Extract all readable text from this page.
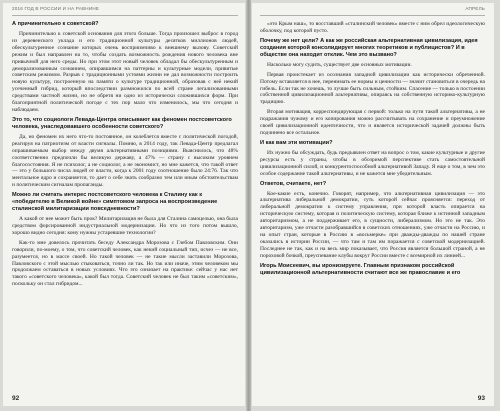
2016 ГОД В РОССИИ И НА РАВНИНЕ
А причинительно к советской?
Причинительно к советской основания для этого больше. Тогда произошел выброс в город из деревенского уклада и его традиционной культуры десятков миллионов людей, обескультуренное сознание которых очень восприимчиво к внешнему вызову. Советский режим и был направлен на то, чтобы создать возможность рождения нового человека вне привычной для него среды. Но при этом этот новый человек обладал бы обескультуренным и деморализованным сознанием, опиравшимся на паттерны и культурные модели, привитые советским режимом. Разрыв с традиционными устоями жизни не дал возможности построить новую культуру, построенную на памяти о культуре традиционной, образовав с неё некий усеченный гибрид, который впоследствии размножился по всей стране легализованными средствами частной жизни, но не обретя ни одно из исторически сложившихся форм. При благоприятной политической погоде с тех пор мало что изменилось, мы что сегодня и наблюдаем.
Это то, что социологи Левада-Центра описывают как феномен постсоветского человека, унаследовавшего особенности советского?
Да, но феномен их него что-то постоянное, он колеблется вместе с политической погодой, реагируя на патриотизм от власти сигналы. Помню, в 2014 году, так Левада-Центр предлагал опрашиваемым выбор между двумя альтернативными позициями. Выяснилось, что 48% соответственно предпочли бы великую державу, а 47% — страну с высоким уровнем благосостояния. Я не психолог, а не социолог, а не экономист, но мне кажется, что такой ответ — это у большого числа людей от власти, когда к 2001 году соотношение было 24:76. Так что ментальное ядро и сохраняется, то дает о себе знать сообразно тем или иным обстоятельствам и политическим сигналам пропаганды.
Можно ли считать интерес постсоветского человека к Сталину как к «победителю в Великой войне» симптомом запроса на воспроизведение сталинской милитаризации повседневности?
А какой от нее может быть прок? Милитаризация не была для Сталина самоцелью, она была средством форсированной индустриальной модернизации. Но что из того потом вышло, хорошо видно сегодня: кому нужны устаревшие технологии?
Как-то мне довелось прочитать беседу Александра Морозова с Глебом Павловским. Они говорили, по-моему, о том, что советский человек, как некий социальный тип, исчез — не все, разумеется, но в массе своей. Но такой человек — не такие мысли заставили Морозова, Павловского с этой мыслью стыковаться, точно ли так. Но так или иначе, этим человеком мы продолжаем оставаться в новых условиях. Что это означает на практике: сейчас у нас нет такого «советского человека», какой был тогда. Советский человек не был таким «советским», поскольку он стал гибридом...
92
АПРЕЛЬ
«это Крым наш», то восставший «сталинский человек» вместе с ним обрел идеологическую оболочку, под которой пусто.
Почему же нет цели? А как же российская альтернативная цивилизация, идея создания которой консолидирует многих теоретиков и публицистов? И в обществе она находит отклик. Чем это вызвано?
Насколько могу судить, существует две основных мотивации.
Первая проистекает из осознания западной цивилизации как исторически обреченной. Потому вставляется в нее, перенимать ее нормы и ценности — значит становиться в очередь на гибель. Если так не хочешь, то лучше быть сильным, стойким. Спасение — только в постоении собственной цивилизационной альтернативы, опираясь на собственную историко-культурную традицию.
Вторая мотивация, корреспондирующая с первой: только на пути такой альтернативы, а не подражания чужому и его копирования можно рассчитывать на сохранение и преумножение своей цивилизационной идентичности, что и является исторической задачей должны быть подчинено все остальное.
И как вам эти мотивации?
Их нужно бы обсуждать, будь предъявлен ответ на вопрос о том, какие культурные и другие ресурсы есть у страны, чтобы в обозримой перспективе стать самостоятельной цивилизационной силой, и конкурентоспособной альтернативой Западу. Я еще о том, в чем это особое содержание такой альтернативы, и не кажется мне убедительным.
Ответов, считаете, нет?
Кое-какие есть, конечно. Говорят, например, что альтернативная цивилизация — это альтернатива либеральной демократии, суть которой сейчас проясняется: переход от либеральной демократии к систему управления, при которой власть опирается на историческую систему, которая и политическую систему, которая ближе к истинной западным авторитаризмом, а не поддерживает его, в сущности, либерализмом. Но это не так. Это авторитаризм, уже отчасти разобравшийся в советских отношениях, уже отчасти на Россию, и на опыт стран, которые в Россию в «восьмерке» при дважды-дважды по нашей стране оказались в истории России, — что там и там им поражается с советской модернизацией. Последнее не так, как и на весь мир показывает, что Россия является большой страной, а не пороховой бочкой, преуспевание клубы вокруг России вместе с всемирной их линией...
Игорь Моисеевич, вы иронизируете. Главным признаком российской цивилизационной альтернативности считают все же православие и его
93
